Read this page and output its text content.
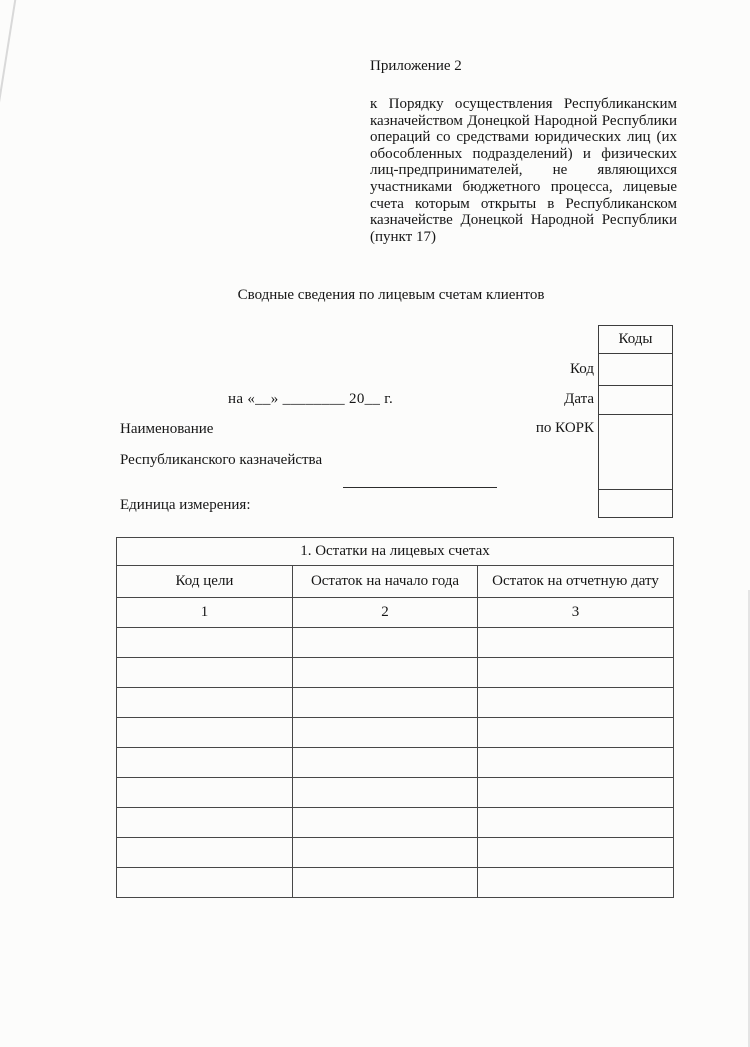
Приложение 2
к Порядку осуществления Республиканским казначейством Донецкой Народной Республики операций со средствами юридических лиц (их обособленных подразделений) и физических лиц-предпринимателей, не являющихся участниками бюджетного процесса, лицевые счета которым открыты в Республиканском казначействе Донецкой Народной Республики (пункт 17)
Сводные сведения по лицевым счетам клиентов
Коды
Код
Дата
по КОРК
на «__» ________ 20__ г.
Наименование
Республиканского казначейства
Единица измерения:
1. Остатки на лицевых счетах		
Код цели	Остаток на начало года	Остаток на отчетную дату
1	2	3
